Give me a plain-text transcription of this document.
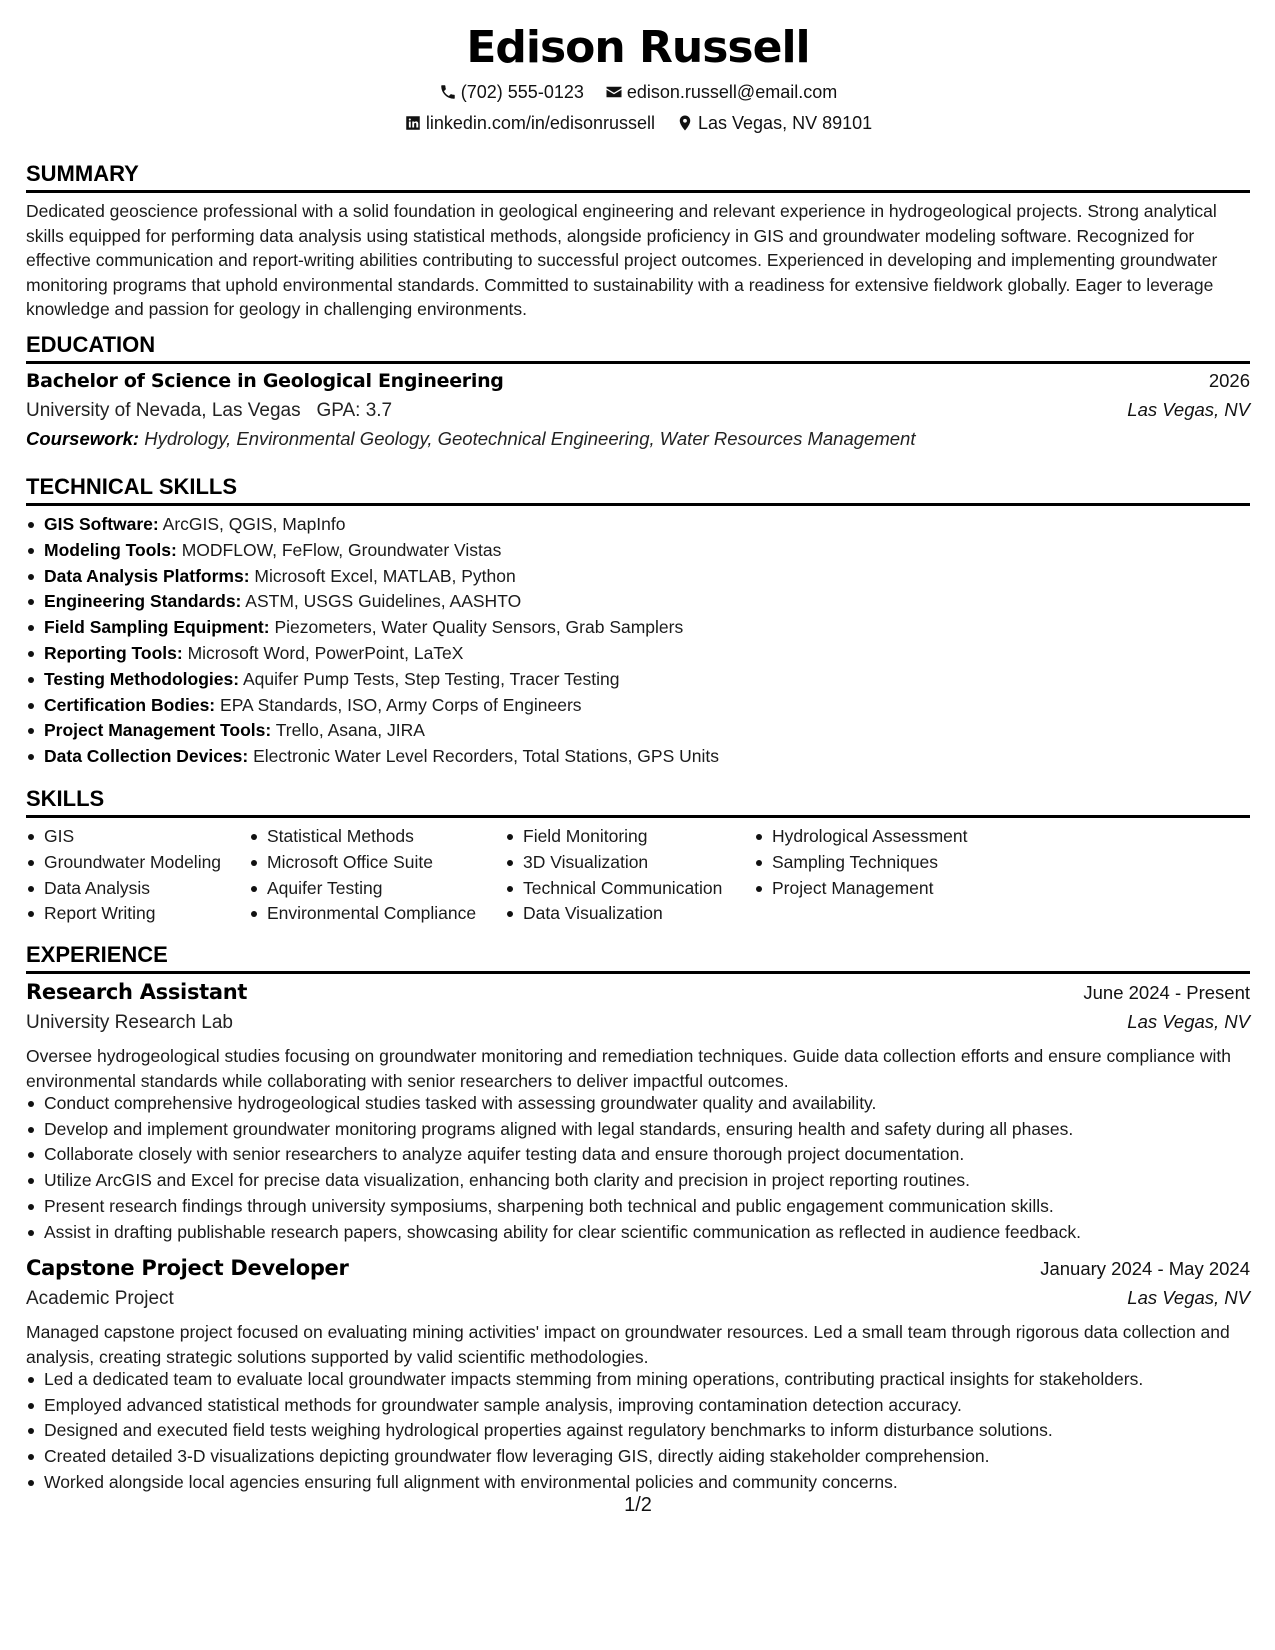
Edison Russell
(702) 555-0123
edison.russell@email.com
linkedin.com/in/edisonrussell
Las Vegas, NV 89101
SUMMARY
Dedicated geoscience professional with a solid foundation in geological engineering and relevant experience in hydrogeological projects. Strong analytical skills equipped for performing data analysis using statistical methods, alongside proficiency in GIS and groundwater modeling software. Recognized for effective communication and report-writing abilities contributing to successful project outcomes. Experienced in developing and implementing groundwater monitoring programs that uphold environmental standards. Committed to sustainability with a readiness for extensive fieldwork globally. Eager to leverage knowledge and passion for geology in challenging environments.
EDUCATION
Bachelor of Science in Geological Engineering	2026
University of Nevada, Las Vegas GPA: 3.7	Las Vegas, NV
Coursework: Hydrology, Environmental Geology, Geotechnical Engineering, Water Resources Management
TECHNICAL SKILLS
GIS Software: ArcGIS, QGIS, MapInfo
Modeling Tools: MODFLOW, FeFlow, Groundwater Vistas
Data Analysis Platforms: Microsoft Excel, MATLAB, Python
Engineering Standards: ASTM, USGS Guidelines, AASHTO
Field Sampling Equipment: Piezometers, Water Quality Sensors, Grab Samplers
Reporting Tools: Microsoft Word, PowerPoint, LaTeX
Testing Methodologies: Aquifer Pump Tests, Step Testing, Tracer Testing
Certification Bodies: EPA Standards, ISO, Army Corps of Engineers
Project Management Tools: Trello, Asana, JIRA
Data Collection Devices: Electronic Water Level Recorders, Total Stations, GPS Units
SKILLS
GIS
Groundwater Modeling
Data Analysis
Report Writing
Statistical Methods
Microsoft Office Suite
Aquifer Testing
Environmental Compliance
Field Monitoring
3D Visualization
Technical Communication
Data Visualization
Hydrological Assessment
Sampling Techniques
Project Management
EXPERIENCE
Research Assistant	June 2024 - Present
University Research Lab	Las Vegas, NV
Oversee hydrogeological studies focusing on groundwater monitoring and remediation techniques. Guide data collection efforts and ensure compliance with environmental standards while collaborating with senior researchers to deliver impactful outcomes.
Conduct comprehensive hydrogeological studies tasked with assessing groundwater quality and availability.
Develop and implement groundwater monitoring programs aligned with legal standards, ensuring health and safety during all phases.
Collaborate closely with senior researchers to analyze aquifer testing data and ensure thorough project documentation.
Utilize ArcGIS and Excel for precise data visualization, enhancing both clarity and precision in project reporting routines.
Present research findings through university symposiums, sharpening both technical and public engagement communication skills.
Assist in drafting publishable research papers, showcasing ability for clear scientific communication as reflected in audience feedback.
Capstone Project Developer	January 2024 - May 2024
Academic Project	Las Vegas, NV
Managed capstone project focused on evaluating mining activities' impact on groundwater resources. Led a small team through rigorous data collection and analysis, creating strategic solutions supported by valid scientific methodologies.
Led a dedicated team to evaluate local groundwater impacts stemming from mining operations, contributing practical insights for stakeholders.
Employed advanced statistical methods for groundwater sample analysis, improving contamination detection accuracy.
Designed and executed field tests weighing hydrological properties against regulatory benchmarks to inform disturbance solutions.
Created detailed 3-D visualizations depicting groundwater flow leveraging GIS, directly aiding stakeholder comprehension.
Worked alongside local agencies ensuring full alignment with environmental policies and community concerns.
1/2
